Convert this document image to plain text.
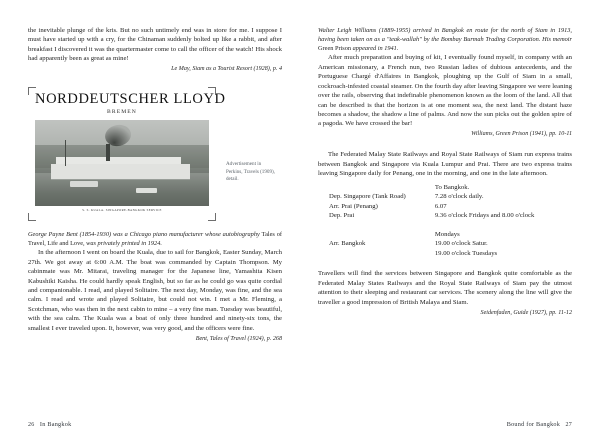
the inevitable plunge of the kris. But no such untimely end was in store for me. I suppose I must have started up with a cry, for the Chinaman suddenly bolted up like a rabbit, and after breakfast I discovered it was the quartermaster come to call the officer of the watch! His shock had apparently been as great as mine!

Le May, Siam as a Tourist Resort (1928), p. 4

NORDDEUTSCHER LLOYD
BREMEN
S. S. KUALA. SINGAPORE-BANGKOK SERVICE
Advertisement in Perkins, Travels (1909), detail.

George Payne Bent (1854-1930) was a Chicago piano manufacturer whose autobiography Tales of Travel, Life and Love, was privately printed in 1924.

In the afternoon I went on board the Kuala, due to sail for Bangkok, Easter Sunday, March 27th. We got away at 6:00 A.M. The boat was commanded by Captain Thompson. My cabinmate was Mr. Mitarai, traveling manager for the Japanese line, Yamashita Kisen Kabushiki Kaisha. He could hardly speak English, but so far as he could go was quite cordial and companionable. I read, and played Solitaire. The next day, Monday, was fine, and the sea calm. I read and wrote and played Solitaire, but could not win. I met a Mr. Fleming, a Scotchman, who was then in the next cabin to mine – a very fine man. Tuesday was beautiful, with the sea calm. The Kuala was a boat of only three hundred and ninety-six tons, the smallest I ever traveled upon. It, however, was very good, and the officers were fine.

Bent, Tales of Travel (1924), p. 268

26 In Bangkok

Walter Leigh Williams (1889-1955) arrived in Bangkok en route for the north of Siam in 1913, having been taken on as a "teak-wallah" by the Bombay Burmah Trading Corporation. His memoir Green Prison appeared in 1941.

After much preparation and buying of kit, I eventually found myself, in company with an American missionary, a French nun, two Russian ladies of dubious antecedents, and the Portuguese Chargé d'Affaires in Bangkok, ploughing up the Gulf of Siam in a small, cockroach-infested coastal steamer. On the fourth day after leaving Singapore we were leaning over the rails, observing that indefinable phenomenon known as the loom of the land. All that can be described is that the horizon is at one moment sea, the next land. The distant haze becomes a shadow, the shadow a line of palms. And now the sun picks out the golden spire of a pagoda. We have crossed the bar!

Williams, Green Prison (1941), pp. 10-11

The Federated Malay State Railways and Royal State Railways of Siam run express trains between Bangkok and Singapore via Kuala Lumpur and Prai. There are two express trains leaving Singapore daily for Penang, one in the morning, and one in the late afternoon.

To Bangkok.
Dep. Singapore (Tank Road)	7.28 o'clock daily.
Arr. Prai (Penang)	6.07
Dep. Prai	9.36 o'clock Fridays and 8.00 o'clock
Mondays
Arr. Bangkok	19.00 o'clock Satur.
19.00 o'clock Tuesdays

Travellers will find the services between Singapore and Bangkok quite comfortable as the Federated Malay States Railways and the Royal State Railways of Siam pay the utmost attention to their sleeping and restaurant car services. The scenery along the line will give the traveller a good impression of British Malaya and Siam.

Seidenfaden, Guide (1927), pp. 11-12

Bound for Bangkok 27
